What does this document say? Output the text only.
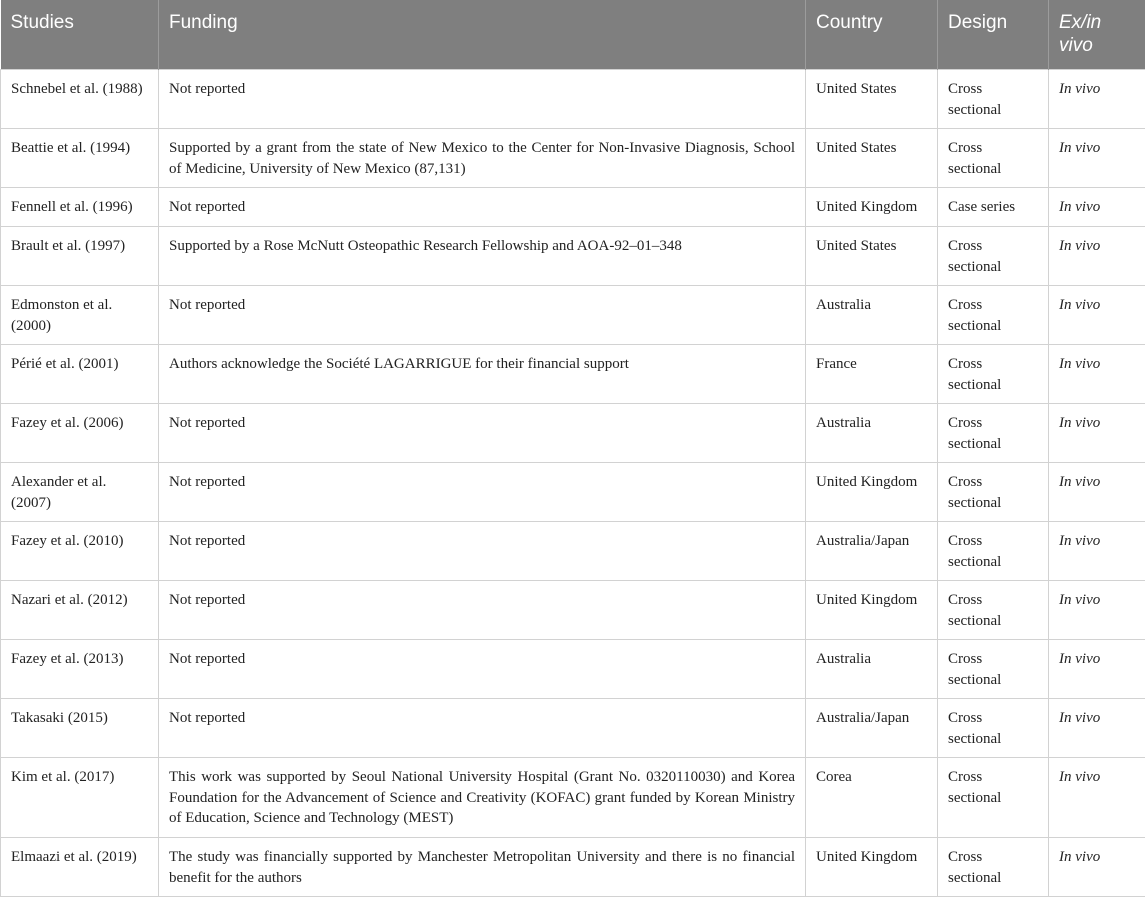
Studies	Funding	Country	Design	Ex/in vivo
Schnebel et al. (1988)	Not reported	United States	Cross sectional	In vivo
Beattie et al. (1994)	Supported by a grant from the state of New Mexico to the Center for Non-Invasive Diagnosis, School of Medicine, University of New Mexico (87,131)	United States	Cross sectional	In vivo
Fennell et al. (1996)	Not reported	United Kingdom	Case series	In vivo
Brault et al. (1997)	Supported by a Rose McNutt Osteopathic Research Fellowship and AOA-92–01–348	United States	Cross sectional	In vivo
Edmonston et al. (2000)	Not reported	Australia	Cross sectional	In vivo
Périé et al. (2001)	Authors acknowledge the Société LAGARRIGUE for their financial support	France	Cross sectional	In vivo
Fazey et al. (2006)	Not reported	Australia	Cross sectional	In vivo
Alexander et al. (2007)	Not reported	United Kingdom	Cross sectional	In vivo
Fazey et al. (2010)	Not reported	Australia/Japan	Cross sectional	In vivo
Nazari et al. (2012)	Not reported	United Kingdom	Cross sectional	In vivo
Fazey et al. (2013)	Not reported	Australia	Cross sectional	In vivo
Takasaki (2015)	Not reported	Australia/Japan	Cross sectional	In vivo
Kim et al. (2017)	This work was supported by Seoul National University Hospital (Grant No. 0320110030) and Korea Foundation for the Advancement of Science and Creativity (KOFAC) grant funded by Korean Ministry of Education, Science and Technology (MEST)	Corea	Cross sectional	In vivo
Elmaazi et al. (2019)	The study was financially supported by Manchester Metropolitan University and there is no financial benefit for the authors	United Kingdom	Cross sectional	In vivo
